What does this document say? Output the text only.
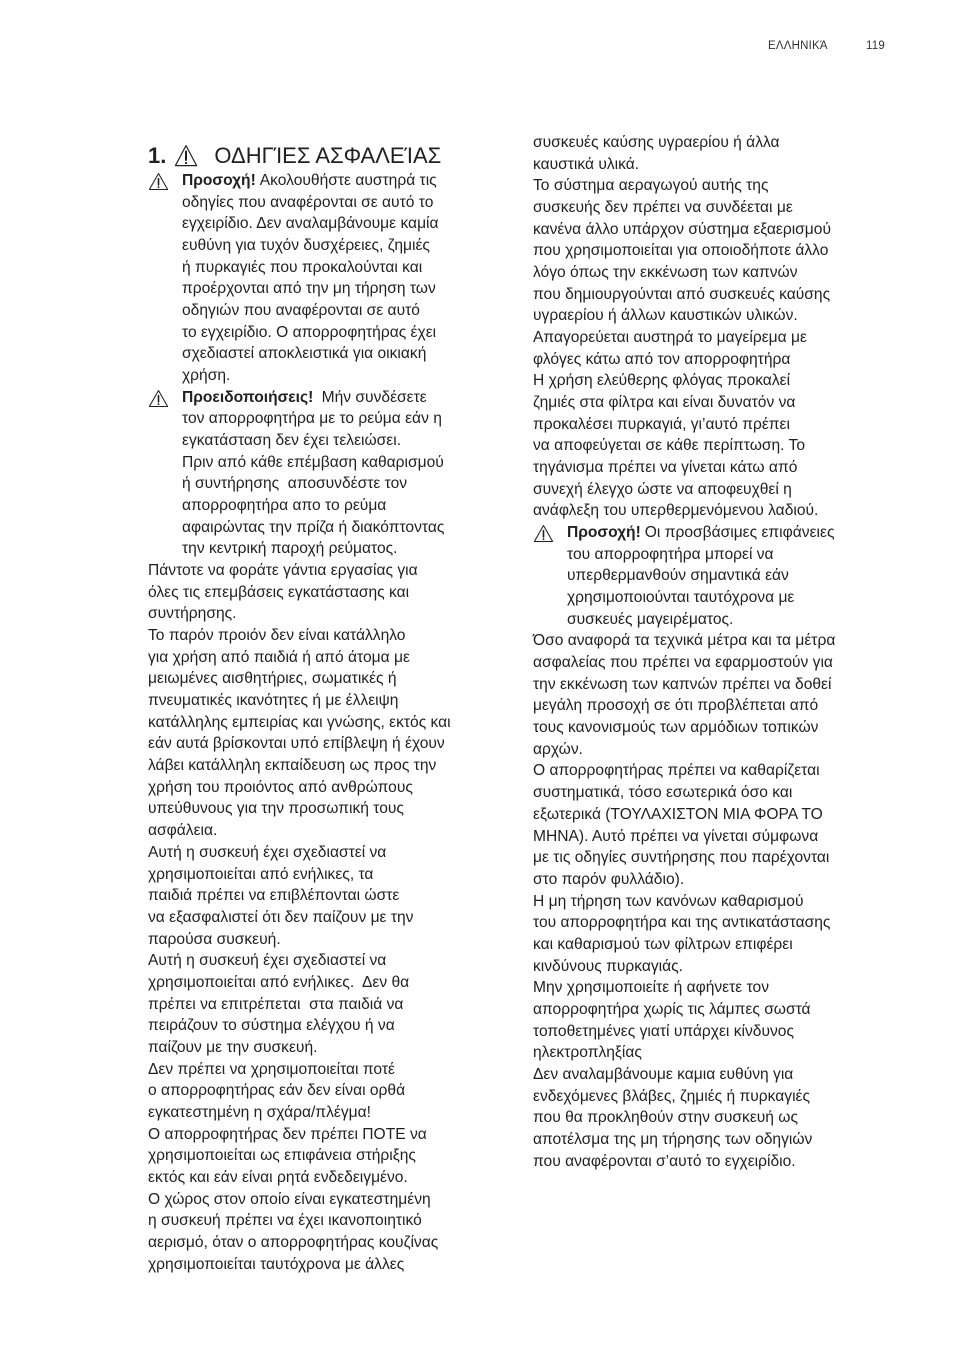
ΕΛΛΗΝΙΚΆ	119
1. ΟΔΗΓΊΕΣ ΑΣΦΑΛΕΊΑΣ
Προσοχή! Ακολουθήστε αυστηρά τις
οδηγίες που αναφέρονται σε αυτό το
εγχειρίδιο. Δεν αναλαμβάνουμε καμία
ευθύνη για τυχόν δυσχέρειες, ζημιές
ή πυρκαγιές που προκαλούνται και
προέρχονται από την μη τήρηση των
οδηγιών που αναφέρονται σε αυτό
το εγχειρίδιο. Ο απορροφητήρας έχει
σχεδιαστεί αποκλειστικά για οικιακή
χρήση.
Προειδοποιήσεις! Μήν συνδέσετε
τον απορροφητήρα με το ρεύμα εάν η
εγκατάσταση δεν έχει τελειώσει.
Πριν από κάθε επέμβαση καθαρισμού
ή συντήρησης  αποσυνδέστε τον
απορροφητήρα απο το ρεύμα
αφαιρώντας την πρίζα ή διακόπτοντας
την κεντρική παροχή ρεύματος.
Πάντοτε να φοράτε γάντια εργασίας για
όλες τις επεμβάσεις εγκατάστασης και
συντήρησης.
Το παρόν προιόν δεν είναι κατάλληλο
για χρήση από παιδιά ή από άτομα με
μειωμένες αισθητήριες, σωματικές ή
πνευματικές ικανότητες ή με έλλειψη
κατάλληλης εμπειρίας και γνώσης, εκτός και
εάν αυτά βρίσκονται υπό επίβλεψη ή έχουν
λάβει κατάλληλη εκπαίδευση ως προς την
χρήση του προιόντος από ανθρώπους
υπεύθυνους για την προσωπική τους
ασφάλεια.
Αυτή η συσκευή έχει σχεδιαστεί να
χρησιμοποιείται από ενήλικες, τα
παιδιά πρέπει να επιβλέπονται ώστε
να εξασφαλιστεί ότι δεν παίζουν με την
παρούσα συσκευή.
Αυτή η συσκευή έχει σχεδιαστεί να
χρησιμοποιείται από ενήλικες.  Δεν θα
πρέπει να επιτρέπεται  στα παιδιά να
πειράζουν το σύστημα ελέγχου ή να
παίζουν με την συσκευή.
Δεν πρέπει να χρησιμοποιείται ποτέ
ο απορροφητήρας εάν δεν είναι ορθά
εγκατεστημένη η σχάρα/πλέγμα!
Ο απορροφητήρας δεν πρέπει ΠΟΤΕ να
χρησιμοποιείται ως επιφάνεια στήριξης
εκτός και εάν είναι ρητά ενδεδειγμένο.
Ο χώρος στον οποίο είναι εγκατεστημένη
η συσκευή πρέπει να έχει ικανοποιητικό
αερισμό, όταν ο απορροφητήρας κουζίνας
χρησιμοποιείται ταυτόχρονα με άλλες
συσκευές καύσης υγραερίου ή άλλα
καυστικά υλικά.
Το σύστημα αεραγωγού αυτής της
συσκευής δεν πρέπει να συνδέεται με
κανένα άλλο υπάρχον σύστημα εξαερισμού
που χρησιμοποιείται για οποιοδήποτε άλλο
λόγο όπως την εκκένωση των καπνών
που δημιουργούνται από συσκευές καύσης
υγραερίου ή άλλων καυστικών υλικών.
Απαγορεύεται αυστηρά το μαγείρεμα με
φλόγες κάτω από τον απορροφητήρα
Η χρήση ελεύθερης φλόγας προκαλεί
ζημιές στα φίλτρα και είναι δυνατόν να
προκαλέσει πυρκαγιά, γι’αυτό πρέπει
να αποφεύγεται σε κάθε περίπτωση. Το
τηγάνισμα πρέπει να γίνεται κάτω από
συνεχή έλεγχο ώστε να αποφευχθεί η
ανάφλεξη του υπερθερμενόμενου λαδιού.
Προσοχή! Οι προσβάσιμες επιφάνειες
του απορροφητήρα μπορεί να
υπερθερμανθούν σημαντικά εάν
χρησιμοποιούνται ταυτόχρονα με
συσκευές μαγειρέματος.
Όσο αναφορά τα τεχνικά μέτρα και τα μέτρα
ασφαλείας που πρέπει να εφαρμοστούν για
την εκκένωση των καπνών πρέπει να δοθεί
μεγάλη προσοχή σε ότι προβλέπεται από
τους κανονισμούς των αρμόδιων τοπικών
αρχών.
Ο απορροφητήρας πρέπει να καθαρίζεται
συστηματικά, τόσο εσωτερικά όσο και
εξωτερικά (ΤΟΥΛΑΧΙΣΤΟΝ ΜΙΑ ΦΟΡΑ ΤΟ
ΜΗΝΑ). Αυτό πρέπει να γίνεται σύμφωνα
με τις οδηγίες συντήρησης που παρέχονται
στο παρόν φυλλάδιο).
Η μη τήρηση των κανόνων καθαρισμού
του απορροφητήρα και της αντικατάστασης
και καθαρισμού των φίλτρων επιφέρει
κινδύνους πυρκαγιάς.
Μην χρησιμοποιείτε ή αφήνετε τον
απορροφητήρα χωρίς τις λάμπες σωστά
τοποθετημένες γιατί υπάρχει κίνδυνος
ηλεκτροπληξίας
Δεν αναλαμβάνουμε καμια ευθύνη για
ενδεχόμενες βλάβες, ζημιές ή πυρκαγιές
που θα προκληθούν στην συσκευή ως
αποτέλσμα της μη τήρησης των οδηγιών
που αναφέρονται σ’αυτό το εγχειρίδιο.
